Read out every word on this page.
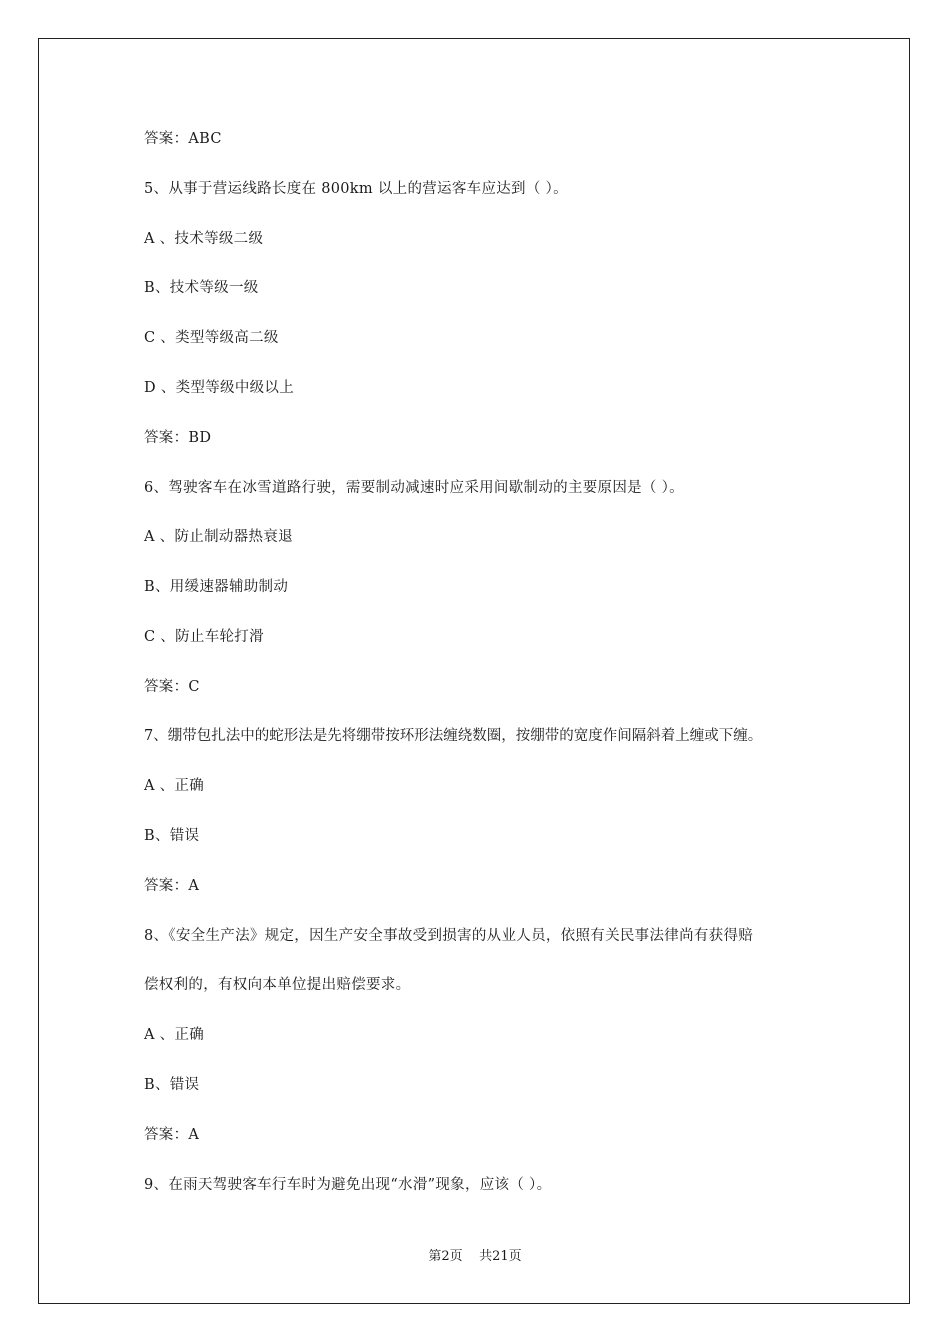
答案：ABC
5、从事于营运线路长度在 800km 以上的营运客车应达到（ ）。
A 、技术等级二级
B、技术等级一级
C 、类型等级高二级
D 、类型等级中级以上
答案：BD
6、驾驶客车在冰雪道路行驶，需要制动减速时应采用间歇制动的主要原因是（ ）。
A 、防止制动器热衰退
B、用缓速器辅助制动
C 、防止车轮打滑
答案：C
7、绷带包扎法中的蛇形法是先将绷带按环形法缠绕数圈，按绷带的宽度作间隔斜着上缠或下缠。
A 、正确
B、错误
答案：A
8、《安全生产法》规定，因生产安全事故受到损害的从业人员，依照有关民事法律尚有获得赔
偿权利的，有权向本单位提出赔偿要求。
A 、正确
B、错误
答案：A
9、在雨天驾驶客车行车时为避免出现“水滑”现象，应该（ ）。
第2页    共21页
